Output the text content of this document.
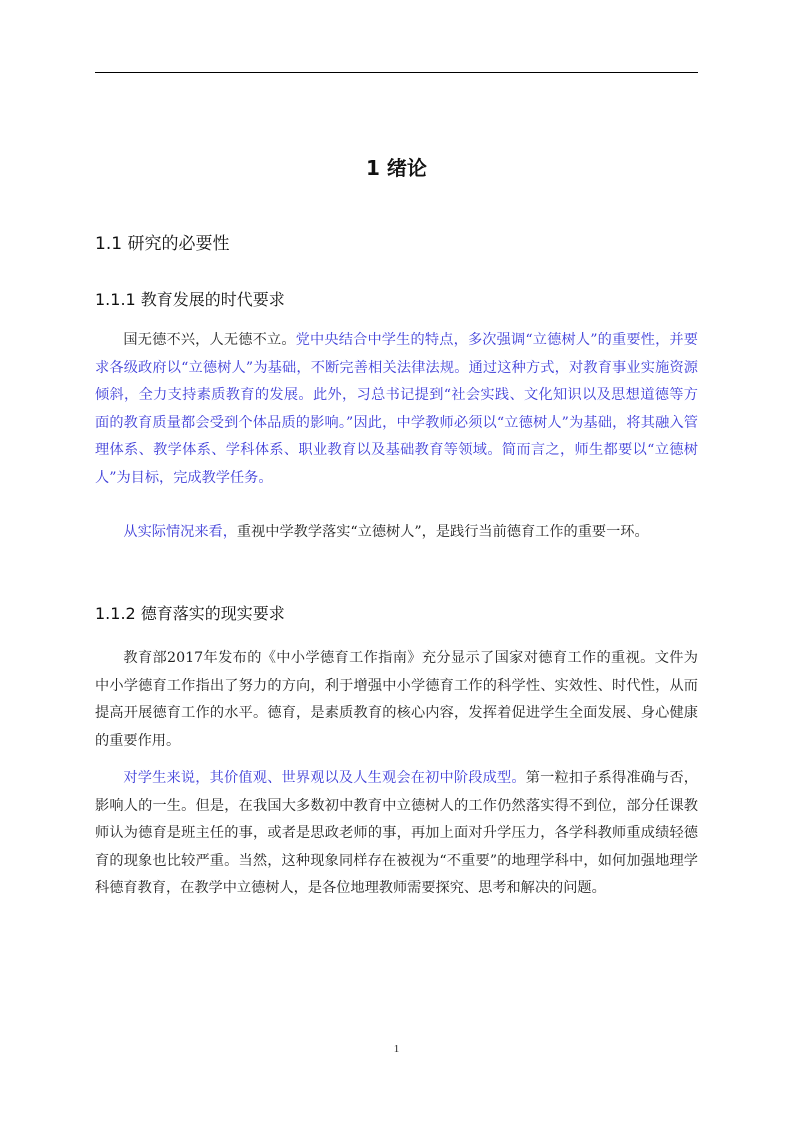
1 绪论
1.1 研究的必要性
1.1.1 教育发展的时代要求

国无德不兴，人无德不立。党中央结合中学生的特点，多次强调“立德树人”的重要性，并要求各级政府以“立德树人”为基础，不断完善相关法律法规。通过这种方式，对教育事业实施资源倾斜，全力支持素质教育的发展。此外，习总书记提到“社会实践、文化知识以及思想道德等方面的教育质量都会受到个体品质的影响。”因此，中学教师必须以“立德树人”为基础，将其融入管理体系、教学体系、学科体系、职业教育以及基础教育等领域。简而言之，师生都要以“立德树人”为目标，完成教学任务。

从实际情况来看，重视中学教学落实“立德树人”，是践行当前德育工作的重要一环。

1.1.2 德育落实的现实要求

教育部2017年发布的《中小学德育工作指南》充分显示了国家对德育工作的重视。文件为中小学德育工作指出了努力的方向，利于增强中小学德育工作的科学性、实效性、时代性，从而提高开展德育工作的水平。德育，是素质教育的核心内容，发挥着促进学生全面发展、身心健康的重要作用。

对学生来说，其价值观、世界观以及人生观会在初中阶段成型。第一粒扣子系得准确与否，影响人的一生。但是，在我国大多数初中教育中立德树人的工作仍然落实得不到位，部分任课教师认为德育是班主任的事，或者是思政老师的事，再加上面对升学压力，各学科教师重成绩轻德育的现象也比较严重。当然，这种现象同样存在被视为“不重要”的地理学科中，如何加强地理学科德育教育，在教学中立德树人，是各位地理教师需要探究、思考和解决的问题。

1
